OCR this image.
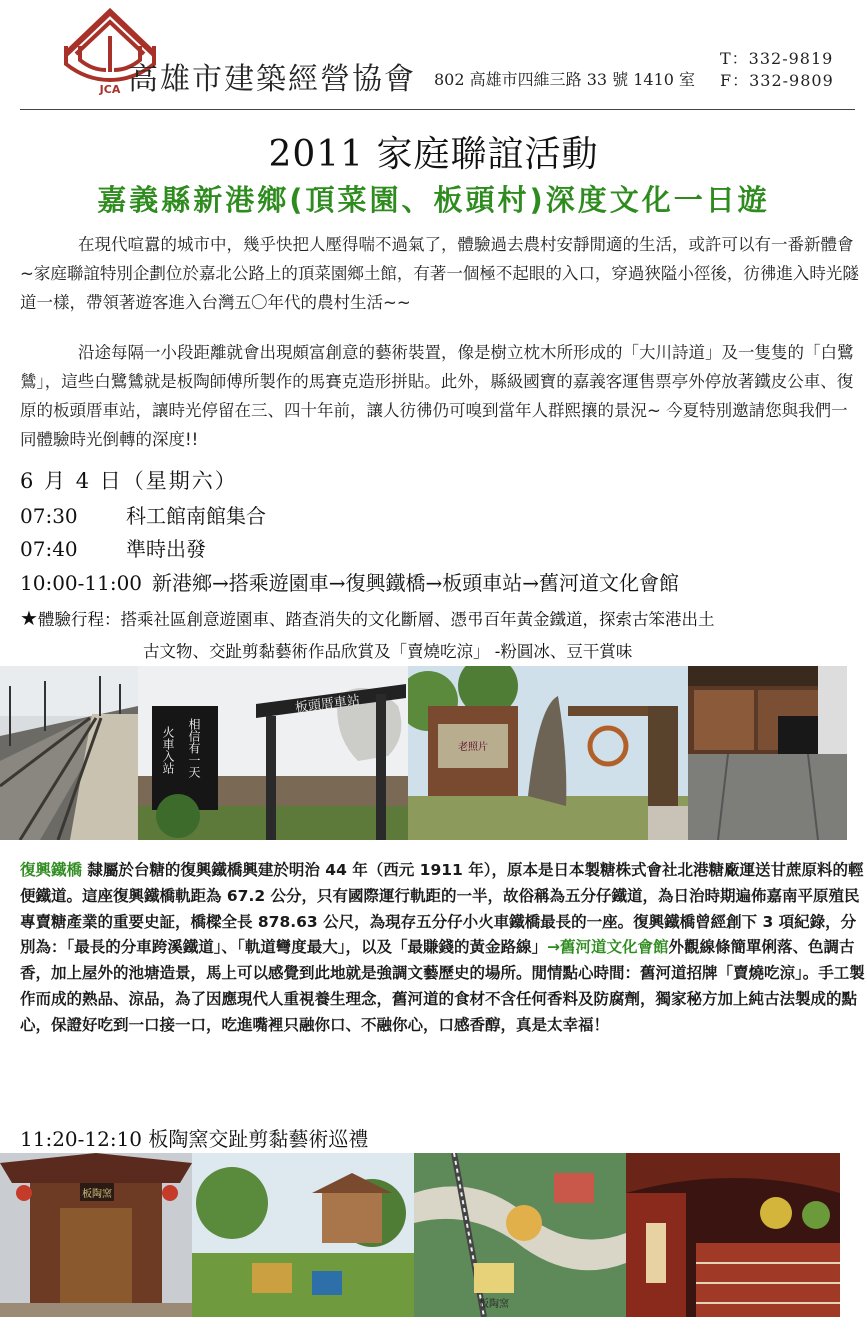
JCA 高雄市建築經營協會 802 高雄市四維三路 33 號 1410 室
T：332-9819
F：332-9809
2011 家庭聯誼活動
嘉義縣新港鄉(頂菜園、板頭村)深度文化一日遊

在現代喧囂的城市中，幾乎快把人壓得喘不過氣了，體驗過去農村安靜閒適的生活，或許可以有一番新體會~家庭聯誼特別企劃位於嘉北公路上的頂菜園鄉土館，有著一個極不起眼的入口，穿過狹隘小徑後，彷彿進入時光隧道一樣，帶領著遊客進入台灣五〇年代的農村生活~~

沿途每隔一小段距離就會出現頗富創意的藝術裝置，像是樹立枕木所形成的「大川詩道」及一隻隻的「白鷺鷥」，這些白鷺鷥就是板陶師傅所製作的馬賽克造形拼貼。此外，縣級國寶的嘉義客運售票亭外停放著鐵皮公車、復原的板頭厝車站，讓時光停留在三、四十年前，讓人彷彿仍可嗅到當年人群熙攘的景況~ 今夏特別邀請您與我們一同體驗時光倒轉的深度!!

6 月 4 日（星期六）
07:30 科工館南館集合
07:40 準時出發
10:00-11:00 新港鄉→搭乘遊園車→復興鐵橋→板頭車站→舊河道文化會館
★體驗行程：搭乘社區創意遊園車、踏查消失的文化斷層、憑弔百年黃金鐵道，探索古笨港出土
古文物、交趾剪黏藝術作品欣賞及「賣燒吃涼」 -粉圓冰、豆干賞味
板頭厝車站
火車入站 相信有一天	老照片
復興鐵橋 隸屬於台糖的復興鐵橋興建於明治 44 年（西元 1911 年），原本是日本製糖株式會社北港糖廠運送甘蔗原料的輕便鐵道。這座復興鐵橋軌距為 67.2 公分，只有國際運行軌距的一半，故俗稱為五分仔鐵道，為日治時期遍佈嘉南平原殖民專賣糖產業的重要史証，橋樑全長 878.63 公尺，為現存五分仔小火車鐵橋最長的一座。復興鐵橋曾經創下 3 項紀錄，分別為：「最長的分車跨溪鐵道」、「軌道彎度最大」，以及「最賺錢的黃金路線」→舊河道文化會館外觀線條簡單俐落、色調古香，加上屋外的池塘造景，馬上可以感覺到此地就是強調文藝歷史的場所。閒情點心時間：舊河道招牌「賣燒吃涼」。手工製作而成的熟品、涼品，為了因應現代人重視養生理念，舊河道的食材不含任何香料及防腐劑，獨家秘方加上純古法製成的點心，保證好吃到一口接一口，吃進嘴裡只融你口、不融你心，口感香醇，真是太幸福！
11:20-12:10 板陶窯交趾剪黏藝術巡禮
板陶窯
板陶窯
